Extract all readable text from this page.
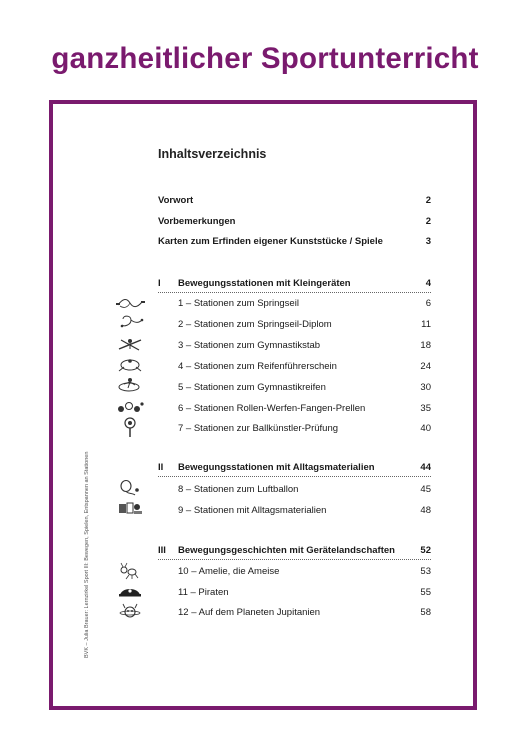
ganzheitlicher Sportunterricht
BVK – Julia Brauer: Lernzirkel Sport III: Bewegen, Spielen, Entspannen an Stationen
Inhaltsverzeichnis
Vorwort	2
Vorbemerkungen	2
Karten zum Erfinden eigener Kunststücke / Spiele	3
I Bewegungsstationen mit Kleingeräten	4
1 – Stationen zum Springseil	6
2 – Stationen zum Springseil-Diplom	11
3 – Stationen zum Gymnastikstab	18
4 – Stationen zum Reifenführerschein	24
5 – Stationen zum Gymnastikreifen	30
6 – Stationen Rollen-Werfen-Fangen-Prellen	35
7 – Stationen zur Ballkünstler-Prüfung	40
II Bewegungsstationen mit Alltagsmaterialien	44
8 – Stationen zum Luftballon	45
9 – Stationen mit Alltagsmaterialien	48
III Bewegungsgeschichten mit Gerätelandschaften	52
10 – Amelie, die Ameise	53
11 – Piraten	55
12 – Auf dem Planeten Jupitanien	58
